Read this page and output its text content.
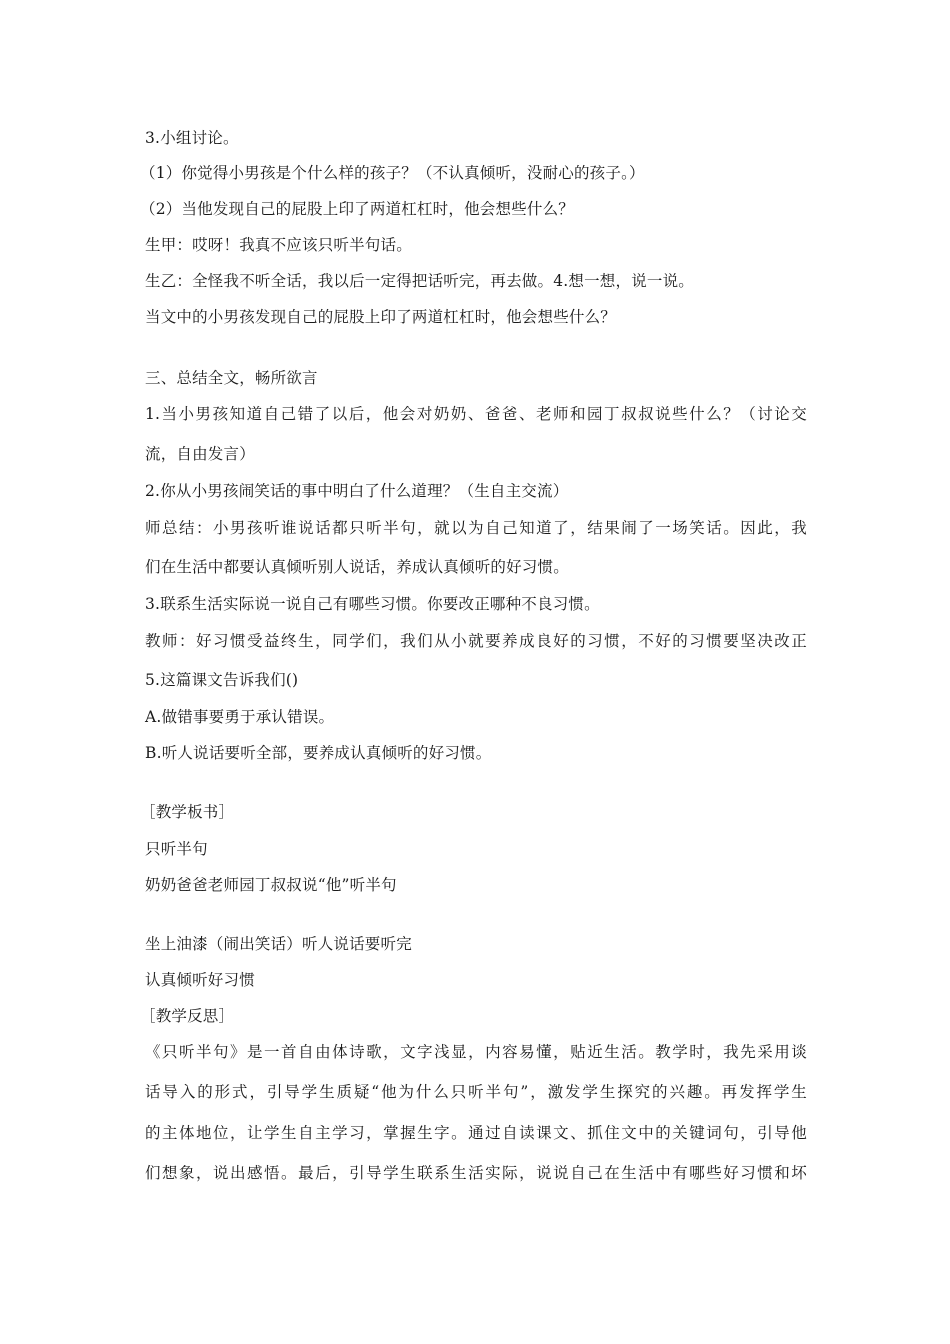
3.小组讨论。
（1）你觉得小男孩是个什么样的孩子？（不认真倾听，没耐心的孩子。）
（2）当他发现自己的屁股上印了两道杠杠时，他会想些什么？
生甲：哎呀！我真不应该只听半句话。
生乙：全怪我不听全话，我以后一定得把话听完，再去做。4.想一想，说一说。
当文中的小男孩发现自己的屁股上印了两道杠杠时，他会想些什么？
三、总结全文，畅所欲言
1.当小男孩知道自己错了以后，他会对奶奶、爸爸、老师和园丁叔叔说些什么？（讨论交
流，自由发言）
2.你从小男孩闹笑话的事中明白了什么道理？（生自主交流）
师总结：小男孩听谁说话都只听半句，就以为自己知道了，结果闹了一场笑话。因此，我
们在生活中都要认真倾听别人说话，养成认真倾听的好习惯。
3.联系生活实际说一说自己有哪些习惯。你要改正哪种不良习惯。
教师：好习惯受益终生，同学们，我们从小就要养成良好的习惯，不好的习惯要坚决改正
5.这篇课文告诉我们()
A.做错事要勇于承认错误。
B.听人说话要听全部，要养成认真倾听的好习惯。
［教学板书］
只听半句
奶奶爸爸老师园丁叔叔说“他”听半句
坐上油漆（闹出笑话）听人说话要听完
认真倾听好习惯
［教学反思］
《只听半句》是一首自由体诗歌，文字浅显，内容易懂，贴近生活。教学时，我先采用谈
话导入的形式，引导学生质疑“他为什么只听半句”，激发学生探究的兴趣。再发挥学生
的主体地位，让学生自主学习，掌握生字。通过自读课文、抓住文中的关键词句，引导他
们想象，说出感悟。最后，引导学生联系生活实际，说说自己在生活中有哪些好习惯和坏
